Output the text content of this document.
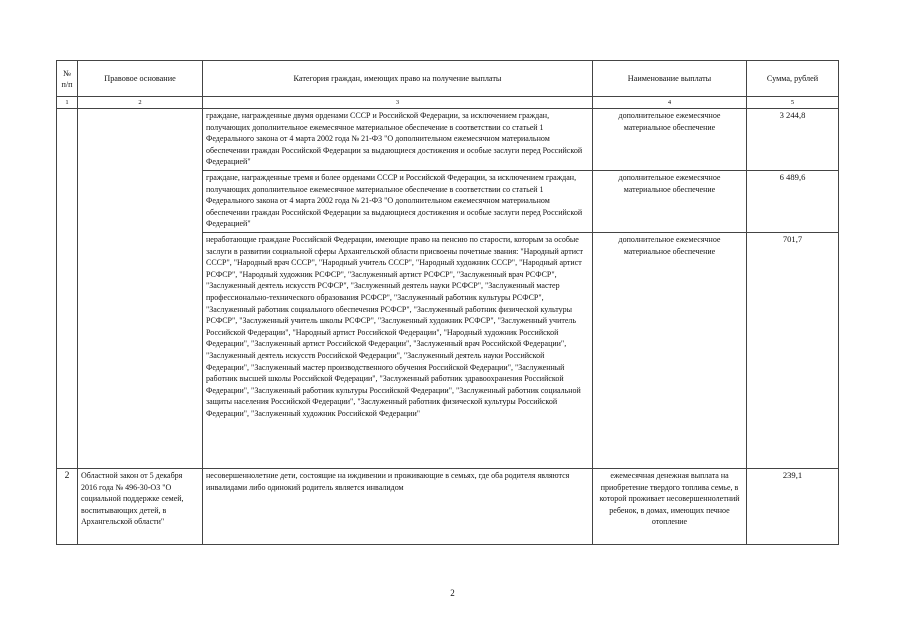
№ п/п	Правовое основание	Категория граждан, имеющих право на получение выплаты	Наименование выплаты	Сумма, рублей
1	2	3	4	5
		граждане, награжденные двумя орденами СССР и Российской Федерации, за исключением граждан, получающих дополнительное ежемесячное материальное обеспечение в соответствии со статьей 1 Федерального закона от 4 марта 2002 года № 21-ФЗ "О дополнительном ежемесячном материальном обеспечении граждан Российской Федерации за выдающиеся достижения и особые заслуги перед Российской Федерацией"	дополнительное ежемесячное материальное обеспечение	3 244,8
		граждане, награжденные тремя и более орденами СССР и Российской Федерации, за исключением граждан, получающих дополнительное ежемесячное материальное обеспечение в соответствии со статьей 1 Федерального закона от 4 марта 2002 года № 21-ФЗ "О дополнительном ежемесячном материальном обеспечении граждан Российской Федерации за выдающиеся достижения и особые заслуги перед Российской Федерацией"	дополнительное ежемесячное материальное обеспечение	6 489,6
		неработающие граждане Российской Федерации, имеющие право на пенсию по старости, которым за особые заслуги в развитии социальной сферы Архангельской области присвоены почетные звания: "Народный артист СССР", "Народный врач СССР", "Народный учитель СССР", "Народный художник СССР", "Народный артист РСФСР", "Народный художник РСФСР", "Заслуженный артист РСФСР", "Заслуженный врач РСФСР", "Заслуженный деятель искусств РСФСР", "Заслуженный деятель науки РСФСР", "Заслуженный мастер профессионально-технического образования РСФСР", "Заслуженный работник культуры РСФСР", "Заслуженный работник социального обеспечения РСФСР", "Заслуженный работник физической культуры РСФСР", "Заслуженный учитель школы РСФСР", "Заслуженный художник РСФСР", "Заслуженный учитель Российской Федерации", "Народный артист Российской Федерации", "Народный художник Российской Федерации", "Заслуженный артист Российской Федерации", "Заслуженный врач Российской Федерации", "Заслуженный деятель искусств Российской Федерации", "Заслуженный деятель науки Российской Федерации", "Заслуженный мастер производственного обучения Российской Федерации", "Заслуженный работник высшей школы Российской Федерации", "Заслуженный работник здравоохранения Российской Федерации", "Заслуженный работник культуры Российской Федерации", "Заслуженный работник социальной защиты населения Российской Федерации", "Заслуженный работник физической культуры Российской Федерации", "Заслуженный художник Российской Федерации"	дополнительное ежемесячное материальное обеспечение	701,7
2	Областной закон от 5 декабря 2016 года № 496-30-ОЗ "О социальной поддержке семей, воспитывающих детей, в Архангельской области"	несовершеннолетние дети, состоящие на иждивении и проживающие в семьях, где оба родителя являются инвалидами либо одинокий родитель является инвалидом	ежемесячная денежная выплата на приобретение твердого топлива семье, в которой проживает несовершеннолетний ребенок, в домах, имеющих печное отопление	239,1
2
